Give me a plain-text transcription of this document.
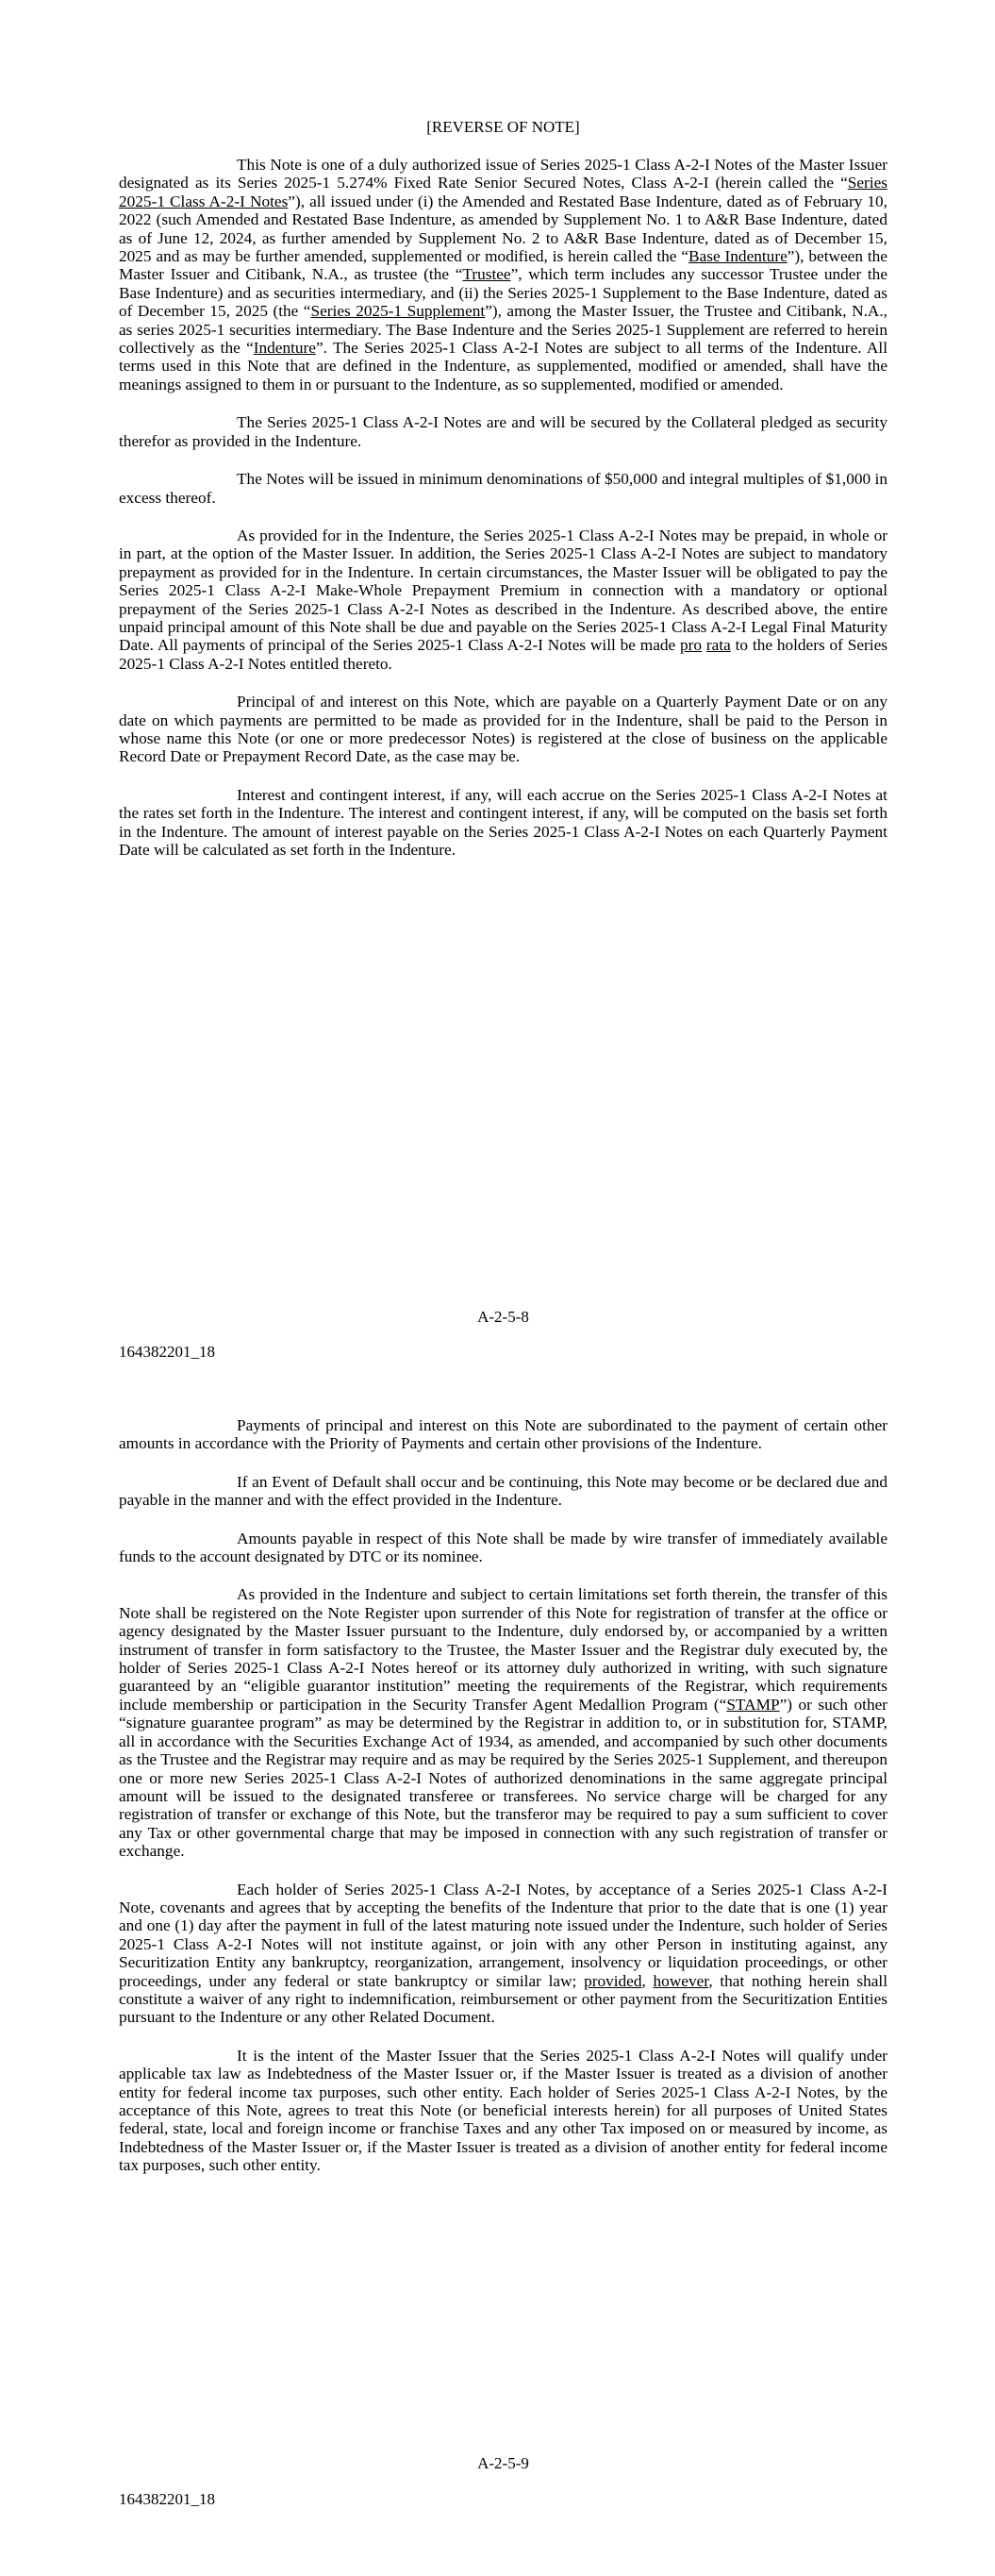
[REVERSE OF NOTE]

This Note is one of a duly authorized issue of Series 2025-1 Class A-2-I Notes of the Master Issuer designated as its Series 2025-1 5.274% Fixed Rate Senior Secured Notes, Class A-2-I (herein called the “Series 2025-1 Class A-2-I Notes”), all issued under (i) the Amended and Restated Base Indenture, dated as of February 10, 2022 (such Amended and Restated Base Indenture, as amended by Supplement No. 1 to A&R Base Indenture, dated as of June 12, 2024, as further amended by Supplement No. 2 to A&R Base Indenture, dated as of December 15, 2025 and as may be further amended, supplemented or modified, is herein called the “Base Indenture”), between the Master Issuer and Citibank, N.A., as trustee (the “Trustee”, which term includes any successor Trustee under the Base Indenture) and as securities intermediary, and (ii) the Series 2025-1 Supplement to the Base Indenture, dated as of December 15, 2025 (the “Series 2025-1 Supplement”), among the Master Issuer, the Trustee and Citibank, N.A., as series 2025-1 securities intermediary. The Base Indenture and the Series 2025-1 Supplement are referred to herein collectively as the “Indenture”. The Series 2025-1 Class A-2-I Notes are subject to all terms of the Indenture. All terms used in this Note that are defined in the Indenture, as supplemented, modified or amended, shall have the meanings assigned to them in or pursuant to the Indenture, as so supplemented, modified or amended.

The Series 2025-1 Class A-2-I Notes are and will be secured by the Collateral pledged as security therefor as provided in the Indenture.

The Notes will be issued in minimum denominations of $50,000 and integral multiples of $1,000 in excess thereof.

As provided for in the Indenture, the Series 2025-1 Class A-2-I Notes may be prepaid, in whole or in part, at the option of the Master Issuer. In addition, the Series 2025-1 Class A-2-I Notes are subject to mandatory prepayment as provided for in the Indenture. In certain circumstances, the Master Issuer will be obligated to pay the Series 2025-1 Class A-2-I Make-Whole Prepayment Premium in connection with a mandatory or optional prepayment of the Series 2025-1 Class A-2-I Notes as described in the Indenture. As described above, the entire unpaid principal amount of this Note shall be due and payable on the Series 2025-1 Class A-2-I Legal Final Maturity Date. All payments of principal of the Series 2025-1 Class A-2-I Notes will be made pro rata to the holders of Series 2025-1 Class A-2-I Notes entitled thereto.

Principal of and interest on this Note, which are payable on a Quarterly Payment Date or on any date on which payments are permitted to be made as provided for in the Indenture, shall be paid to the Person in whose name this Note (or one or more predecessor Notes) is registered at the close of business on the applicable Record Date or Prepayment Record Date, as the case may be.

Interest and contingent interest, if any, will each accrue on the Series 2025-1 Class A-2-I Notes at the rates set forth in the Indenture. The interest and contingent interest, if any, will be computed on the basis set forth in the Indenture. The amount of interest payable on the Series 2025-1 Class A-2-I Notes on each Quarterly Payment Date will be calculated as set forth in the Indenture.

A-2-5-8
164382201_18

Payments of principal and interest on this Note are subordinated to the payment of certain other amounts in accordance with the Priority of Payments and certain other provisions of the Indenture.

If an Event of Default shall occur and be continuing, this Note may become or be declared due and payable in the manner and with the effect provided in the Indenture.

Amounts payable in respect of this Note shall be made by wire transfer of immediately available funds to the account designated by DTC or its nominee.

As provided in the Indenture and subject to certain limitations set forth therein, the transfer of this Note shall be registered on the Note Register upon surrender of this Note for registration of transfer at the office or agency designated by the Master Issuer pursuant to the Indenture, duly endorsed by, or accompanied by a written instrument of transfer in form satisfactory to the Trustee, the Master Issuer and the Registrar duly executed by, the holder of Series 2025-1 Class A-2-I Notes hereof or its attorney duly authorized in writing, with such signature guaranteed by an “eligible guarantor institution” meeting the requirements of the Registrar, which requirements include membership or participation in the Security Transfer Agent Medallion Program (“STAMP”) or such other “signature guarantee program” as may be determined by the Registrar in addition to, or in substitution for, STAMP, all in accordance with the Securities Exchange Act of 1934, as amended, and accompanied by such other documents as the Trustee and the Registrar may require and as may be required by the Series 2025-1 Supplement, and thereupon one or more new Series 2025-1 Class A-2-I Notes of authorized denominations in the same aggregate principal amount will be issued to the designated transferee or transferees. No service charge will be charged for any registration of transfer or exchange of this Note, but the transferor may be required to pay a sum sufficient to cover any Tax or other governmental charge that may be imposed in connection with any such registration of transfer or exchange.

Each holder of Series 2025-1 Class A-2-I Notes, by acceptance of a Series 2025-1 Class A-2-I Note, covenants and agrees that by accepting the benefits of the Indenture that prior to the date that is one (1) year and one (1) day after the payment in full of the latest maturing note issued under the Indenture, such holder of Series 2025-1 Class A-2-I Notes will not institute against, or join with any other Person in instituting against, any Securitization Entity any bankruptcy, reorganization, arrangement, insolvency or liquidation proceedings, or other proceedings, under any federal or state bankruptcy or similar law; provided, however, that nothing herein shall constitute a waiver of any right to indemnification, reimbursement or other payment from the Securitization Entities pursuant to the Indenture or any other Related Document.

It is the intent of the Master Issuer that the Series 2025-1 Class A-2-I Notes will qualify under applicable tax law as Indebtedness of the Master Issuer or, if the Master Issuer is treated as a division of another entity for federal income tax purposes, such other entity. Each holder of Series 2025-1 Class A-2-I Notes, by the acceptance of this Note, agrees to treat this Note (or beneficial interests herein) for all purposes of United States federal, state, local and foreign income or franchise Taxes and any other Tax imposed on or measured by income, as Indebtedness of the Master Issuer or, if the Master Issuer is treated as a division of another entity for federal income tax purposes, such other entity.

A-2-5-9
164382201_18
